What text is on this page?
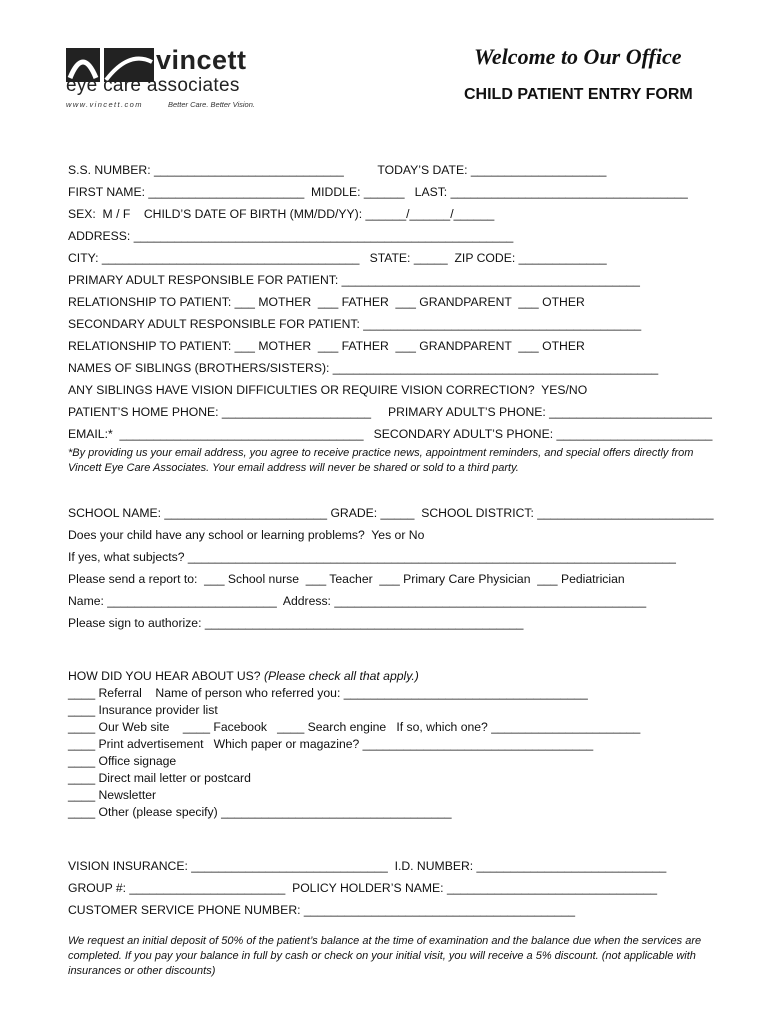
vincett
eye care associates
www.vincett.com	Better Care. Better Vision.
Welcome to Our Office
CHILD PATIENT ENTRY FORM
S.S. NUMBER: ____________________________          TODAY’S DATE: ____________________
FIRST NAME: _______________________  MIDDLE: ______   LAST: ___________________________________
SEX:  M / F    CHILD’S DATE OF BIRTH (MM/DD/YY): ______/______/______
ADDRESS: ________________________________________________________
CITY: ______________________________________   STATE: _____  ZIP CODE: _____________
PRIMARY ADULT RESPONSIBLE FOR PATIENT: ____________________________________________
RELATIONSHIP TO PATIENT: ___ MOTHER  ___ FATHER  ___ GRANDPARENT  ___ OTHER
SECONDARY ADULT RESPONSIBLE FOR PATIENT: _________________________________________
RELATIONSHIP TO PATIENT: ___ MOTHER  ___ FATHER  ___ GRANDPARENT  ___ OTHER
NAMES OF SIBLINGS (BROTHERS/SISTERS): ________________________________________________
ANY SIBLINGS HAVE VISION DIFFICULTIES OR REQUIRE VISION CORRECTION?  YES/NO
PATIENT’S HOME PHONE: ______________________     PRIMARY ADULT’S PHONE: ________________________
EMAIL:*  ____________________________________   SECONDARY ADULT’S PHONE: _______________________
*By providing us your email address, you agree to receive practice news, appointment reminders, and special offers directly from Vincett Eye Care Associates. Your email address will never be shared or sold to a third party.
SCHOOL NAME: ________________________ GRADE: _____  SCHOOL DISTRICT: __________________________
Does your child have any school or learning problems?  Yes or No
If yes, what subjects? ________________________________________________________________________
Please send a report to:  ___ School nurse  ___ Teacher  ___ Primary Care Physician  ___ Pediatrician
Name: _________________________  Address: ______________________________________________
Please sign to authorize: _______________________________________________
HOW DID YOU HEAR ABOUT US? (Please check all that apply.)
____ Referral    Name of person who referred you: ____________________________________
____ Insurance provider list
____ Our Web site    ____ Facebook   ____ Search engine   If so, which one? ______________________
____ Print advertisement   Which paper or magazine? __________________________________
____ Office signage
____ Direct mail letter or postcard
____ Newsletter
____ Other (please specify) __________________________________
VISION INSURANCE: _____________________________  I.D. NUMBER: ____________________________
GROUP #: _______________________  POLICY HOLDER’S NAME: _______________________________
CUSTOMER SERVICE PHONE NUMBER: ________________________________________
We request an initial deposit of 50% of the patient’s balance at the time of examination and the balance due when the services are completed. If you pay your balance in full by cash or check on your initial visit, you will receive a 5% discount. (not applicable with insurances or other discounts)
